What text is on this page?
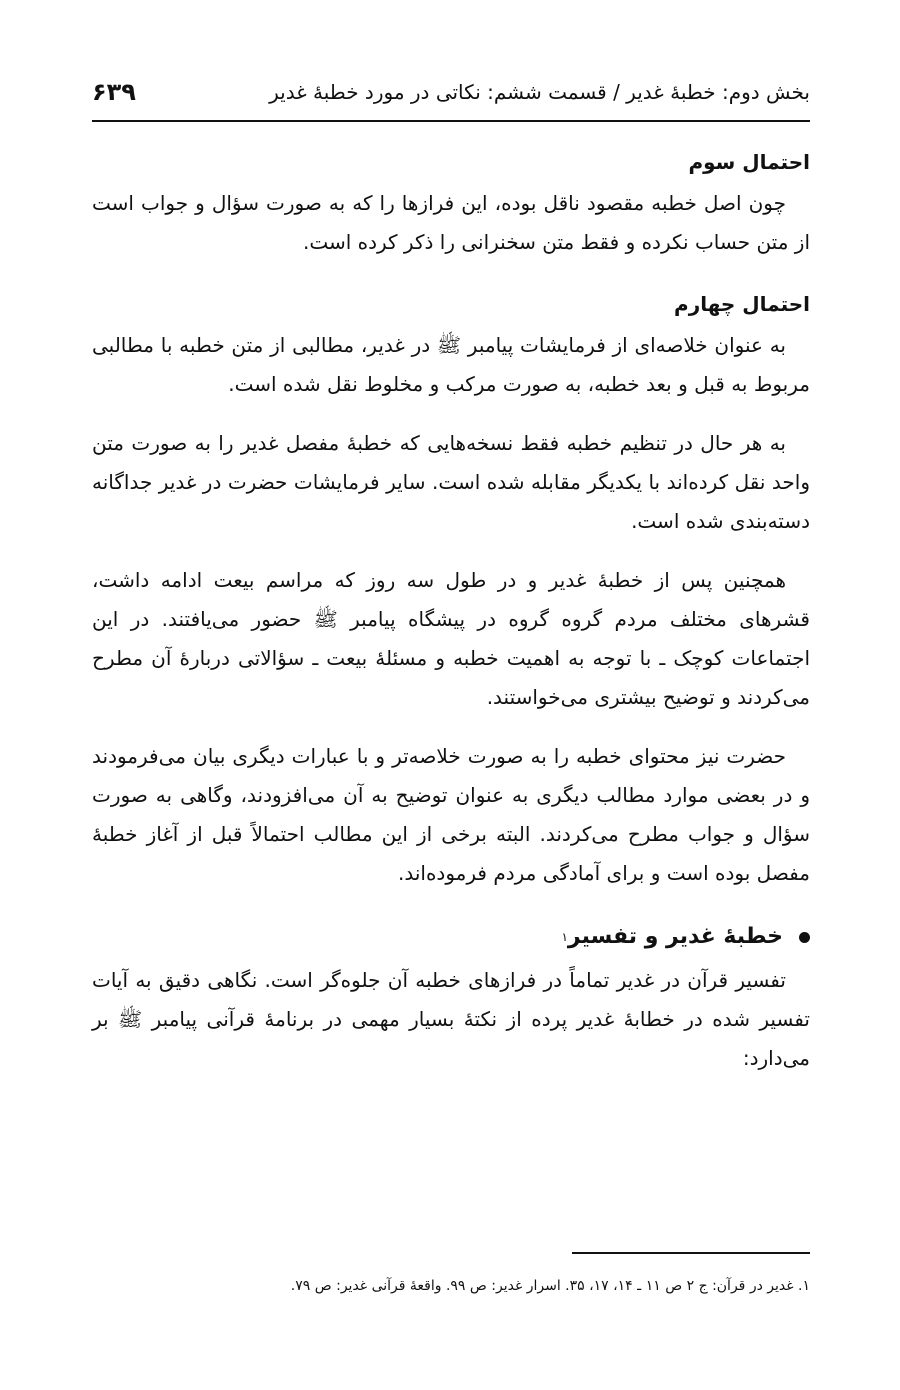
بخش دوم: خطبهٔ غدیر / قسمت ششم: نکاتی در مورد خطبهٔ غدیر
۶۳۹
احتمال سوم

چون اصل خطبه مقصود ناقل بوده، این فرازها را که به صورت سؤال و جواب است از متن حساب نکرده و فقط متن سخنرانی را ذکر کرده است.

احتمال چهارم

به عنوان خلاصه‌ای از فرمایشات پیامبر ﷺ در غدیر، مطالبی از متن خطبه با مطالبی مربوط به قبل و بعد خطبه، به صورت مرکب و مخلوط نقل شده است.

به هر حال در تنظیم خطبه فقط نسخه‌هایی که خطبهٔ مفصل غدیر را به صورت متن واحد نقل کرده‌اند با یکدیگر مقابله شده است. سایر فرمایشات حضرت در غدیر جداگانه دسته‌بندی شده است.

همچنین پس از خطبهٔ غدیر و در طول سه روز که مراسم بیعت ادامه داشت، قشرهای مختلف مردم گروه گروه در پیشگاه پیامبر ﷺ حضور می‌یافتند. در این اجتماعات کوچک ـ با توجه به اهمیت خطبه و مسئلهٔ بیعت ـ سؤالاتی دربارهٔ آن مطرح می‌کردند و توضیح بیشتری می‌خواستند.

حضرت نیز محتوای خطبه را به صورت خلاصه‌تر و با عبارات دیگری بیان می‌فرمودند و در بعضی موارد مطالب دیگری به عنوان توضیح به آن می‌افزودند، وگاهی به صورت سؤال و جواب مطرح می‌کردند. البته برخی از این مطالب احتمالاً قبل از آغاز خطبهٔ مفصل بوده است و برای آمادگی مردم فرموده‌اند.

خطبهٔ غدیر و تفسیر
۱

تفسیر قرآن در غدیر تماماً در فرازهای خطبه آن جلوه‌گر است. نگاهی دقیق به آیات تفسیر شده در خطابهٔ غدیر پرده از نکتهٔ بسیار مهمی در برنامهٔ قرآنی پیامبر ﷺ بر می‌دارد:

۱. غدیر در قرآن: ج ۲ ص ۱۱ ـ ۱۴، ۱۷، ۳۵. اسرار غدیر: ص ۹۹. واقعهٔ قرآنی غدیر: ص ۷۹.
